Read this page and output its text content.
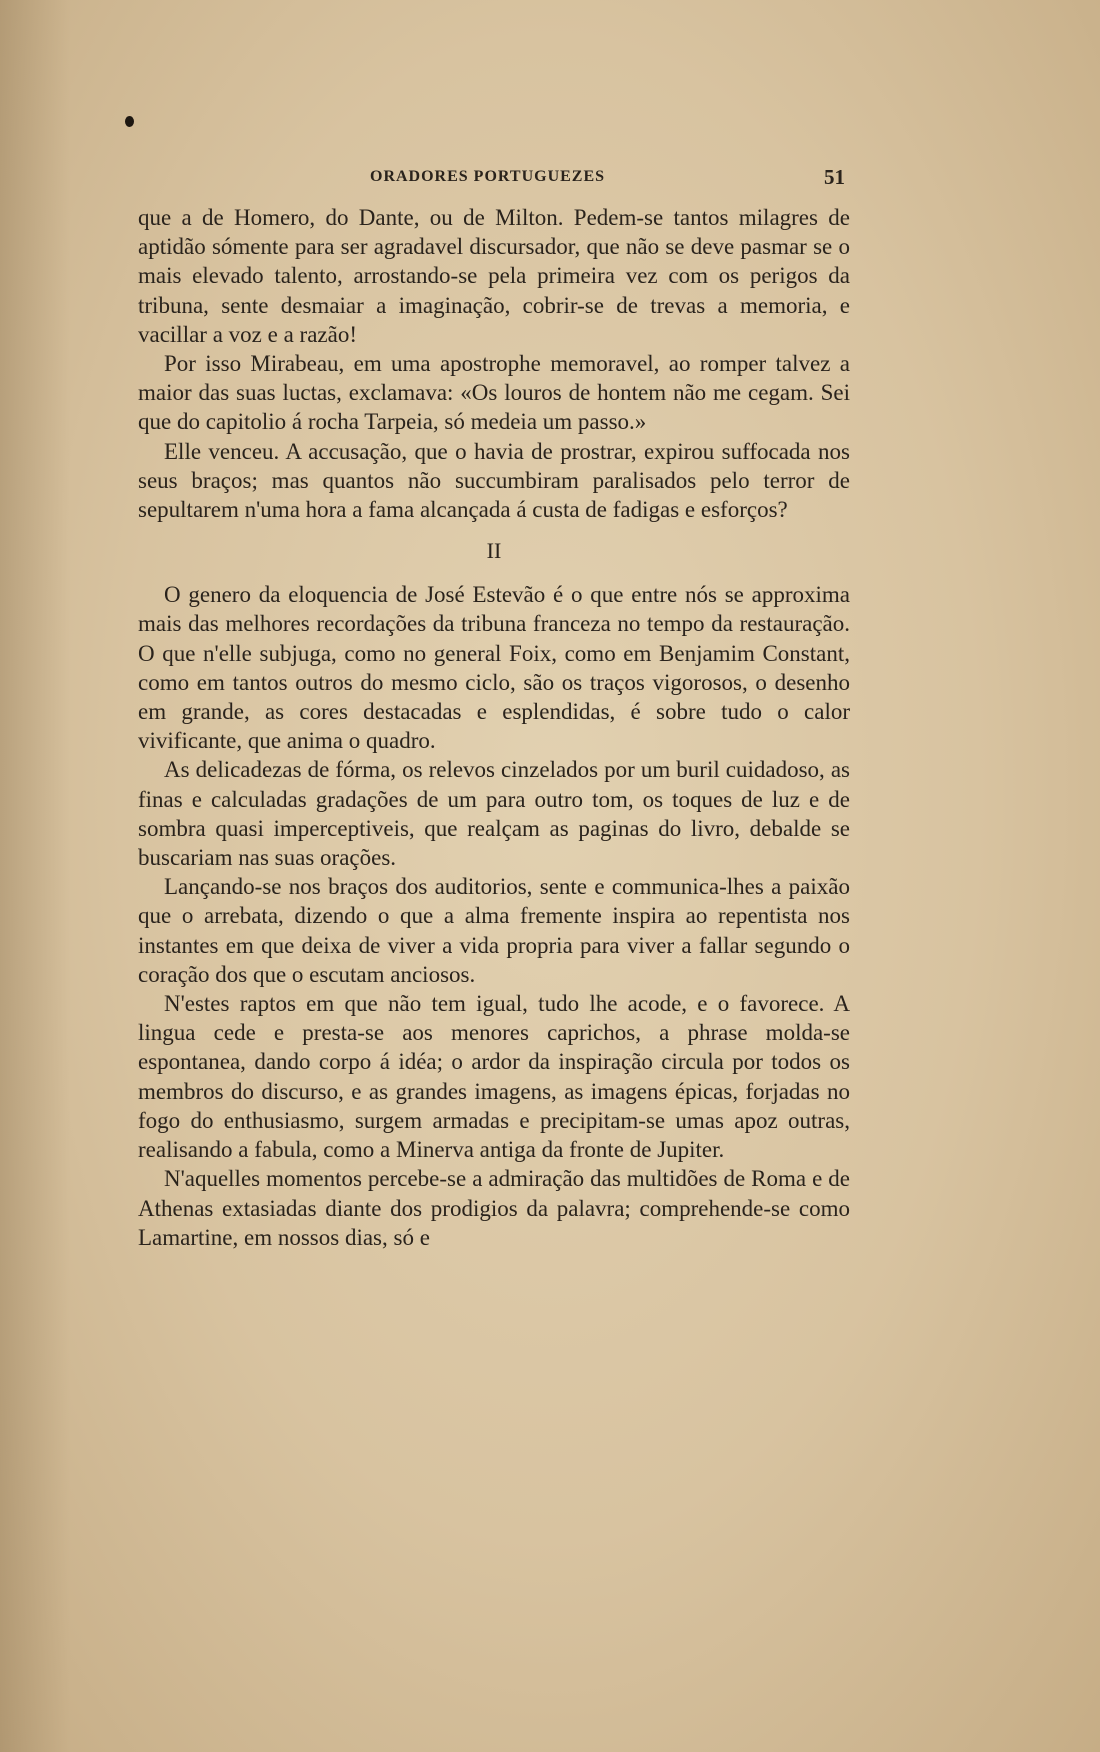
ORADORES PORTUGUEZES	51

que a de Homero, do Dante, ou de Milton. Pedem-se tantos milagres de aptidão sómente para ser agradavel discursador, que não se deve pasmar se o mais elevado talento, arrostando-se pela primeira vez com os perigos da tribuna, sente desmaiar a imaginação, cobrir-se de trevas a memoria, e vacillar a voz e a razão!

Por isso Mirabeau, em uma apostrophe memoravel, ao romper talvez a maior das suas luctas, exclamava: «Os louros de hontem não me cegam. Sei que do capitolio á rocha Tarpeia, só medeia um passo.»

Elle venceu. A accusação, que o havia de prostrar, expirou suffocada nos seus braços; mas quantos não succumbiram paralisados pelo terror de sepultarem n'uma hora a fama alcançada á custa de fadigas e esforços?

II

O genero da eloquencia de José Estevão é o que entre nós se approxima mais das melhores recordações da tribuna franceza no tempo da restauração. O que n'elle subjuga, como no general Foix, como em Benjamim Constant, como em tantos outros do mesmo ciclo, são os traços vigorosos, o desenho em grande, as cores destacadas e esplendidas, é sobre tudo o calor vivificante, que anima o quadro.

As delicadezas de fórma, os relevos cinzelados por um buril cuidadoso, as finas e calculadas gradações de um para outro tom, os toques de luz e de sombra quasi imperceptiveis, que realçam as paginas do livro, debalde se buscariam nas suas orações.

Lançando-se nos braços dos auditorios, sente e communica-lhes a paixão que o arrebata, dizendo o que a alma fremente inspira ao repentista nos instantes em que deixa de viver a vida propria para viver a fallar segundo o coração dos que o escutam anciosos.

N'estes raptos em que não tem igual, tudo lhe acode, e o favorece. A lingua cede e presta-se aos menores caprichos, a phrase molda-se espontanea, dando corpo á idéa; o ardor da inspiração circula por todos os membros do discurso, e as grandes imagens, as imagens épicas, forjadas no fogo do enthusiasmo, surgem armadas e precipitam-se umas apoz outras, realisando a fabula, como a Minerva antiga da fronte de Jupiter.

N'aquelles momentos percebe-se a admiração das multidões de Roma e de Athenas extasiadas diante dos prodigios da palavra; comprehende-se como Lamartine, em nossos dias, só e
